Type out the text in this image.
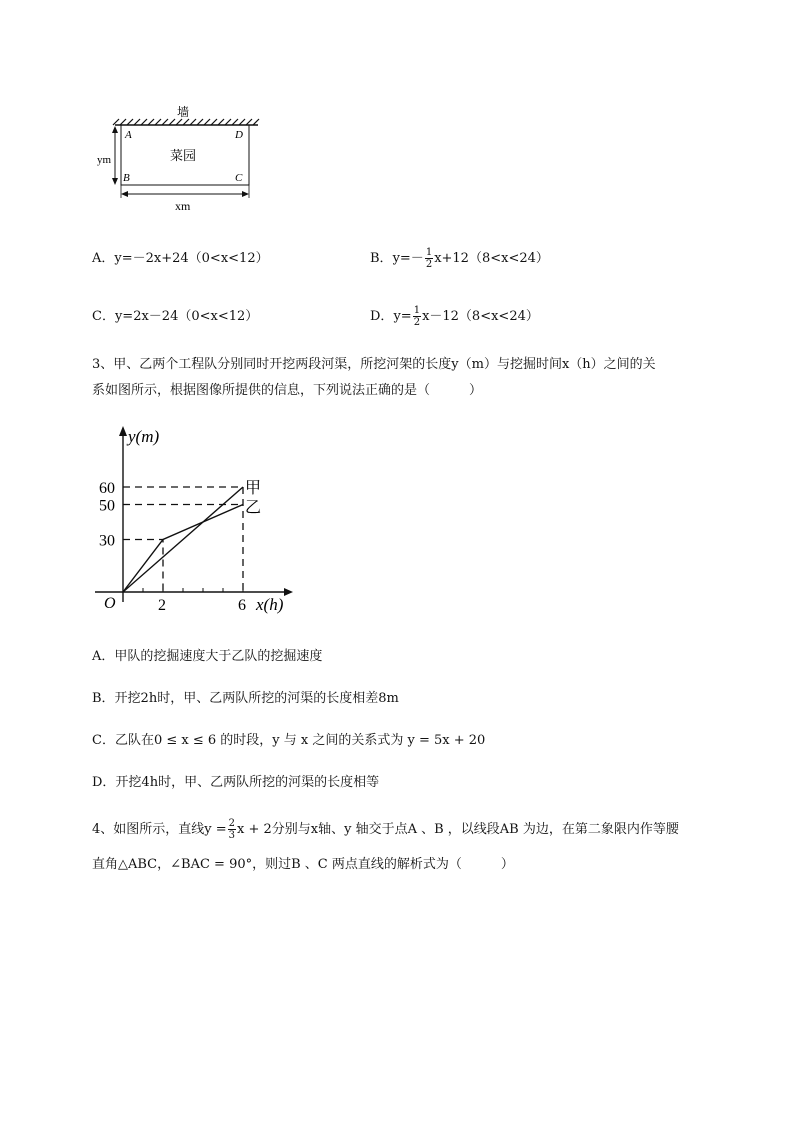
墙
菜园
A	D
B	C
ym
xm
A．y=－2x+24（0<x<12）	B．$y=- \frac{1}{2} x+12(8<x<24)$
C．y=2x－24（0<x<12）	D．$y= \frac{1}{2} x-12(8<x<24)$
3、甲、乙两个工程队分别同时开挖两段河渠，所挖河架的长度y（m）与挖掘时间x（h）之间的关
系如图所示，根据图像所提供的信息，下列说法正确的是（　　　）
y(m)
x(h)
O	2	6
30
50
60	甲
乙
A．甲队的挖掘速度大于乙队的挖掘速度
B．开挖2h时，甲、乙两队所挖的河渠的长度相差8m
C．乙队在0 ≤ x ≤ 6 的时段，y 与 x 之间的关系式为 y = 5x + 20
D．开挖4h时，甲、乙两队所挖的河渠的长度相等
4、如图所示，直线$y = \frac{2}{3}$ x + 2分别与x轴、y 轴交于点A 、B ，以线段AB 为边，在第二象限内作等腰
直角△ABC，∠BAC = 90°，则过B 、C 两点直线的解析式为（　　　）
